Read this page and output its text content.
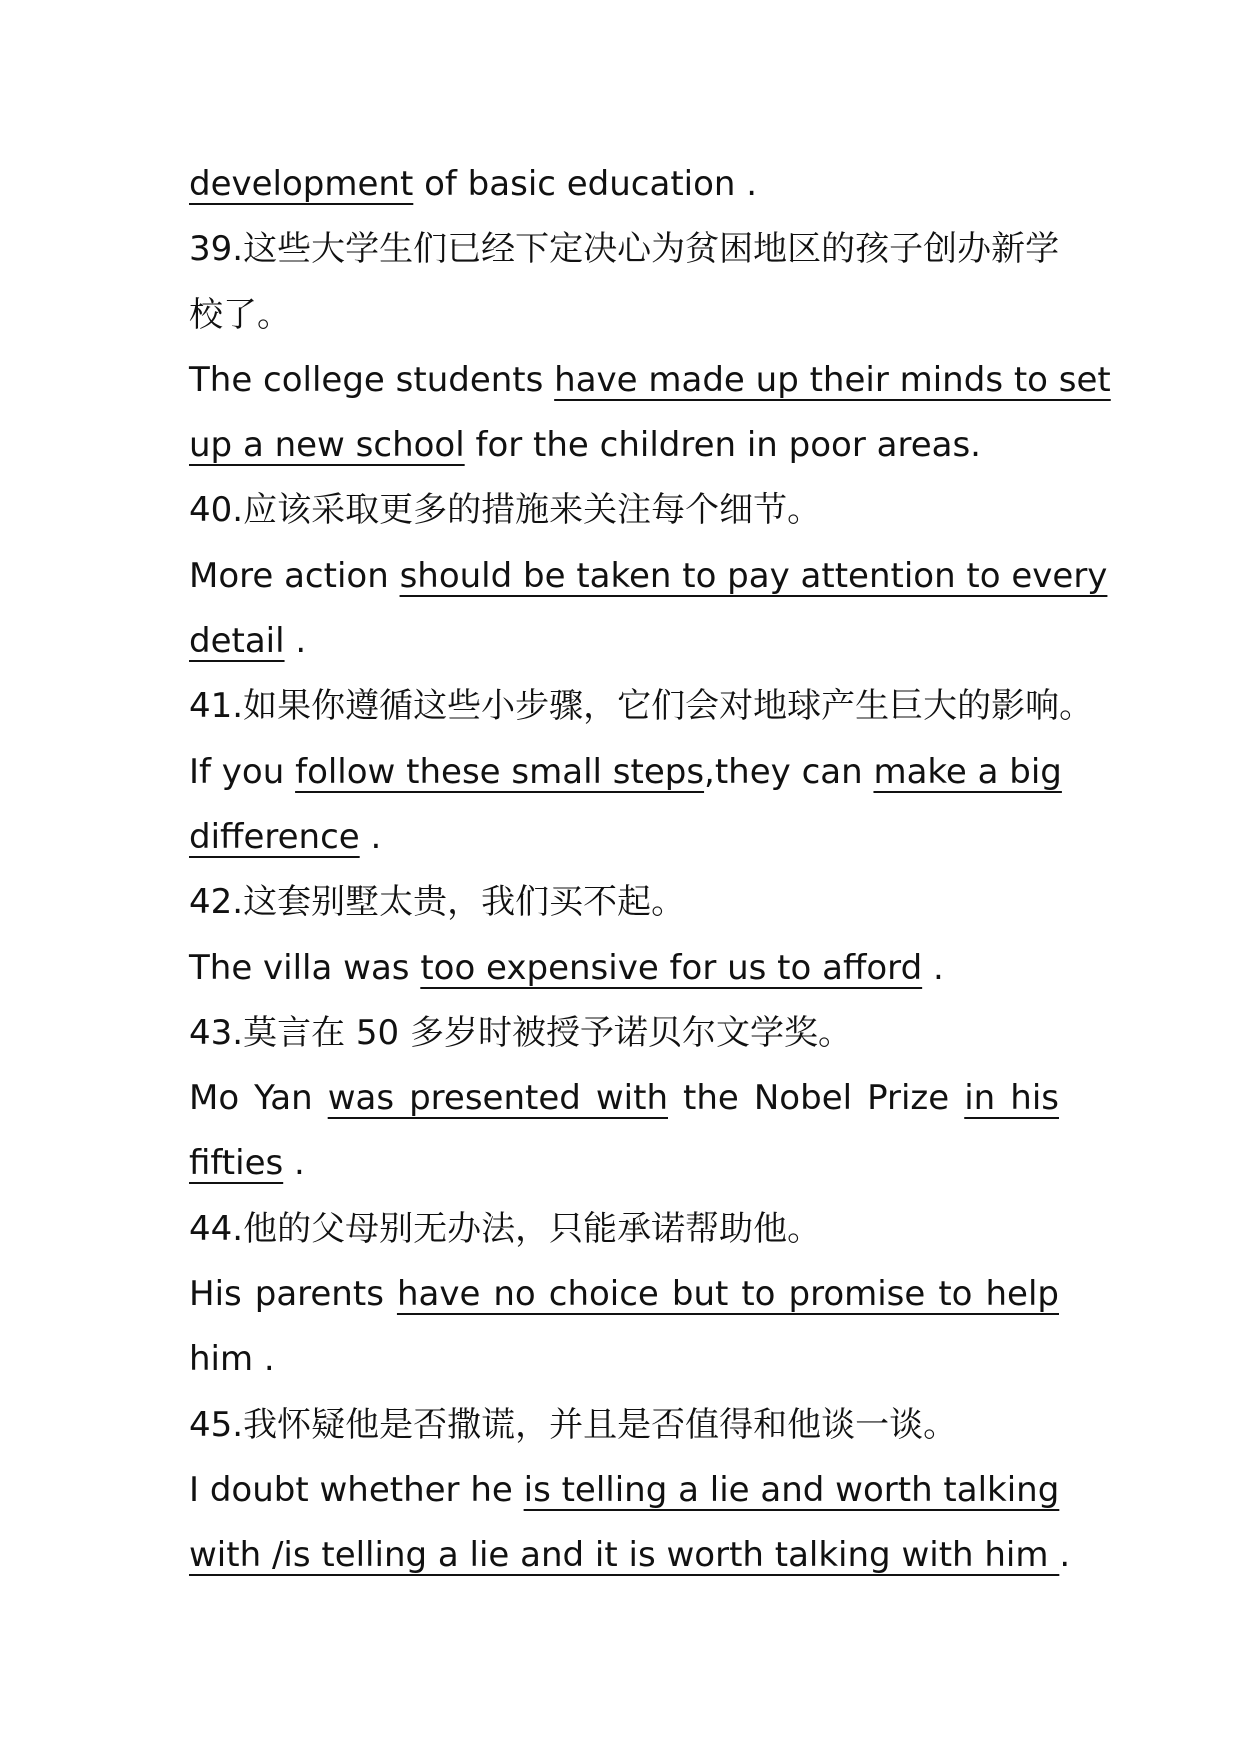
development of basic education .
39.这些大学生们已经下定决心为贫困地区的孩子创办新学
校了。
The college students have made up their minds to set
up a new school for the children in poor areas.
40.应该采取更多的措施来关注每个细节。
More action should be taken to pay attention to every
detail .
41.如果你遵循这些小步骤，它们会对地球产生巨大的影响。
If you follow these small steps,they can make a big
difference .
42.这套别墅太贵，我们买不起。
The villa was too expensive for us to afford .
43.莫言在 50 多岁时被授予诺贝尔文学奖。
Mo Yan was presented with the Nobel Prize in his
fifties .
44.他的父母别无办法，只能承诺帮助他。
His parents have no choice but to promise to help
him .
45.我怀疑他是否撒谎，并且是否值得和他谈一谈。
I doubt whether he is telling a lie and worth talking
with /is telling a lie and it is worth talking with him .
